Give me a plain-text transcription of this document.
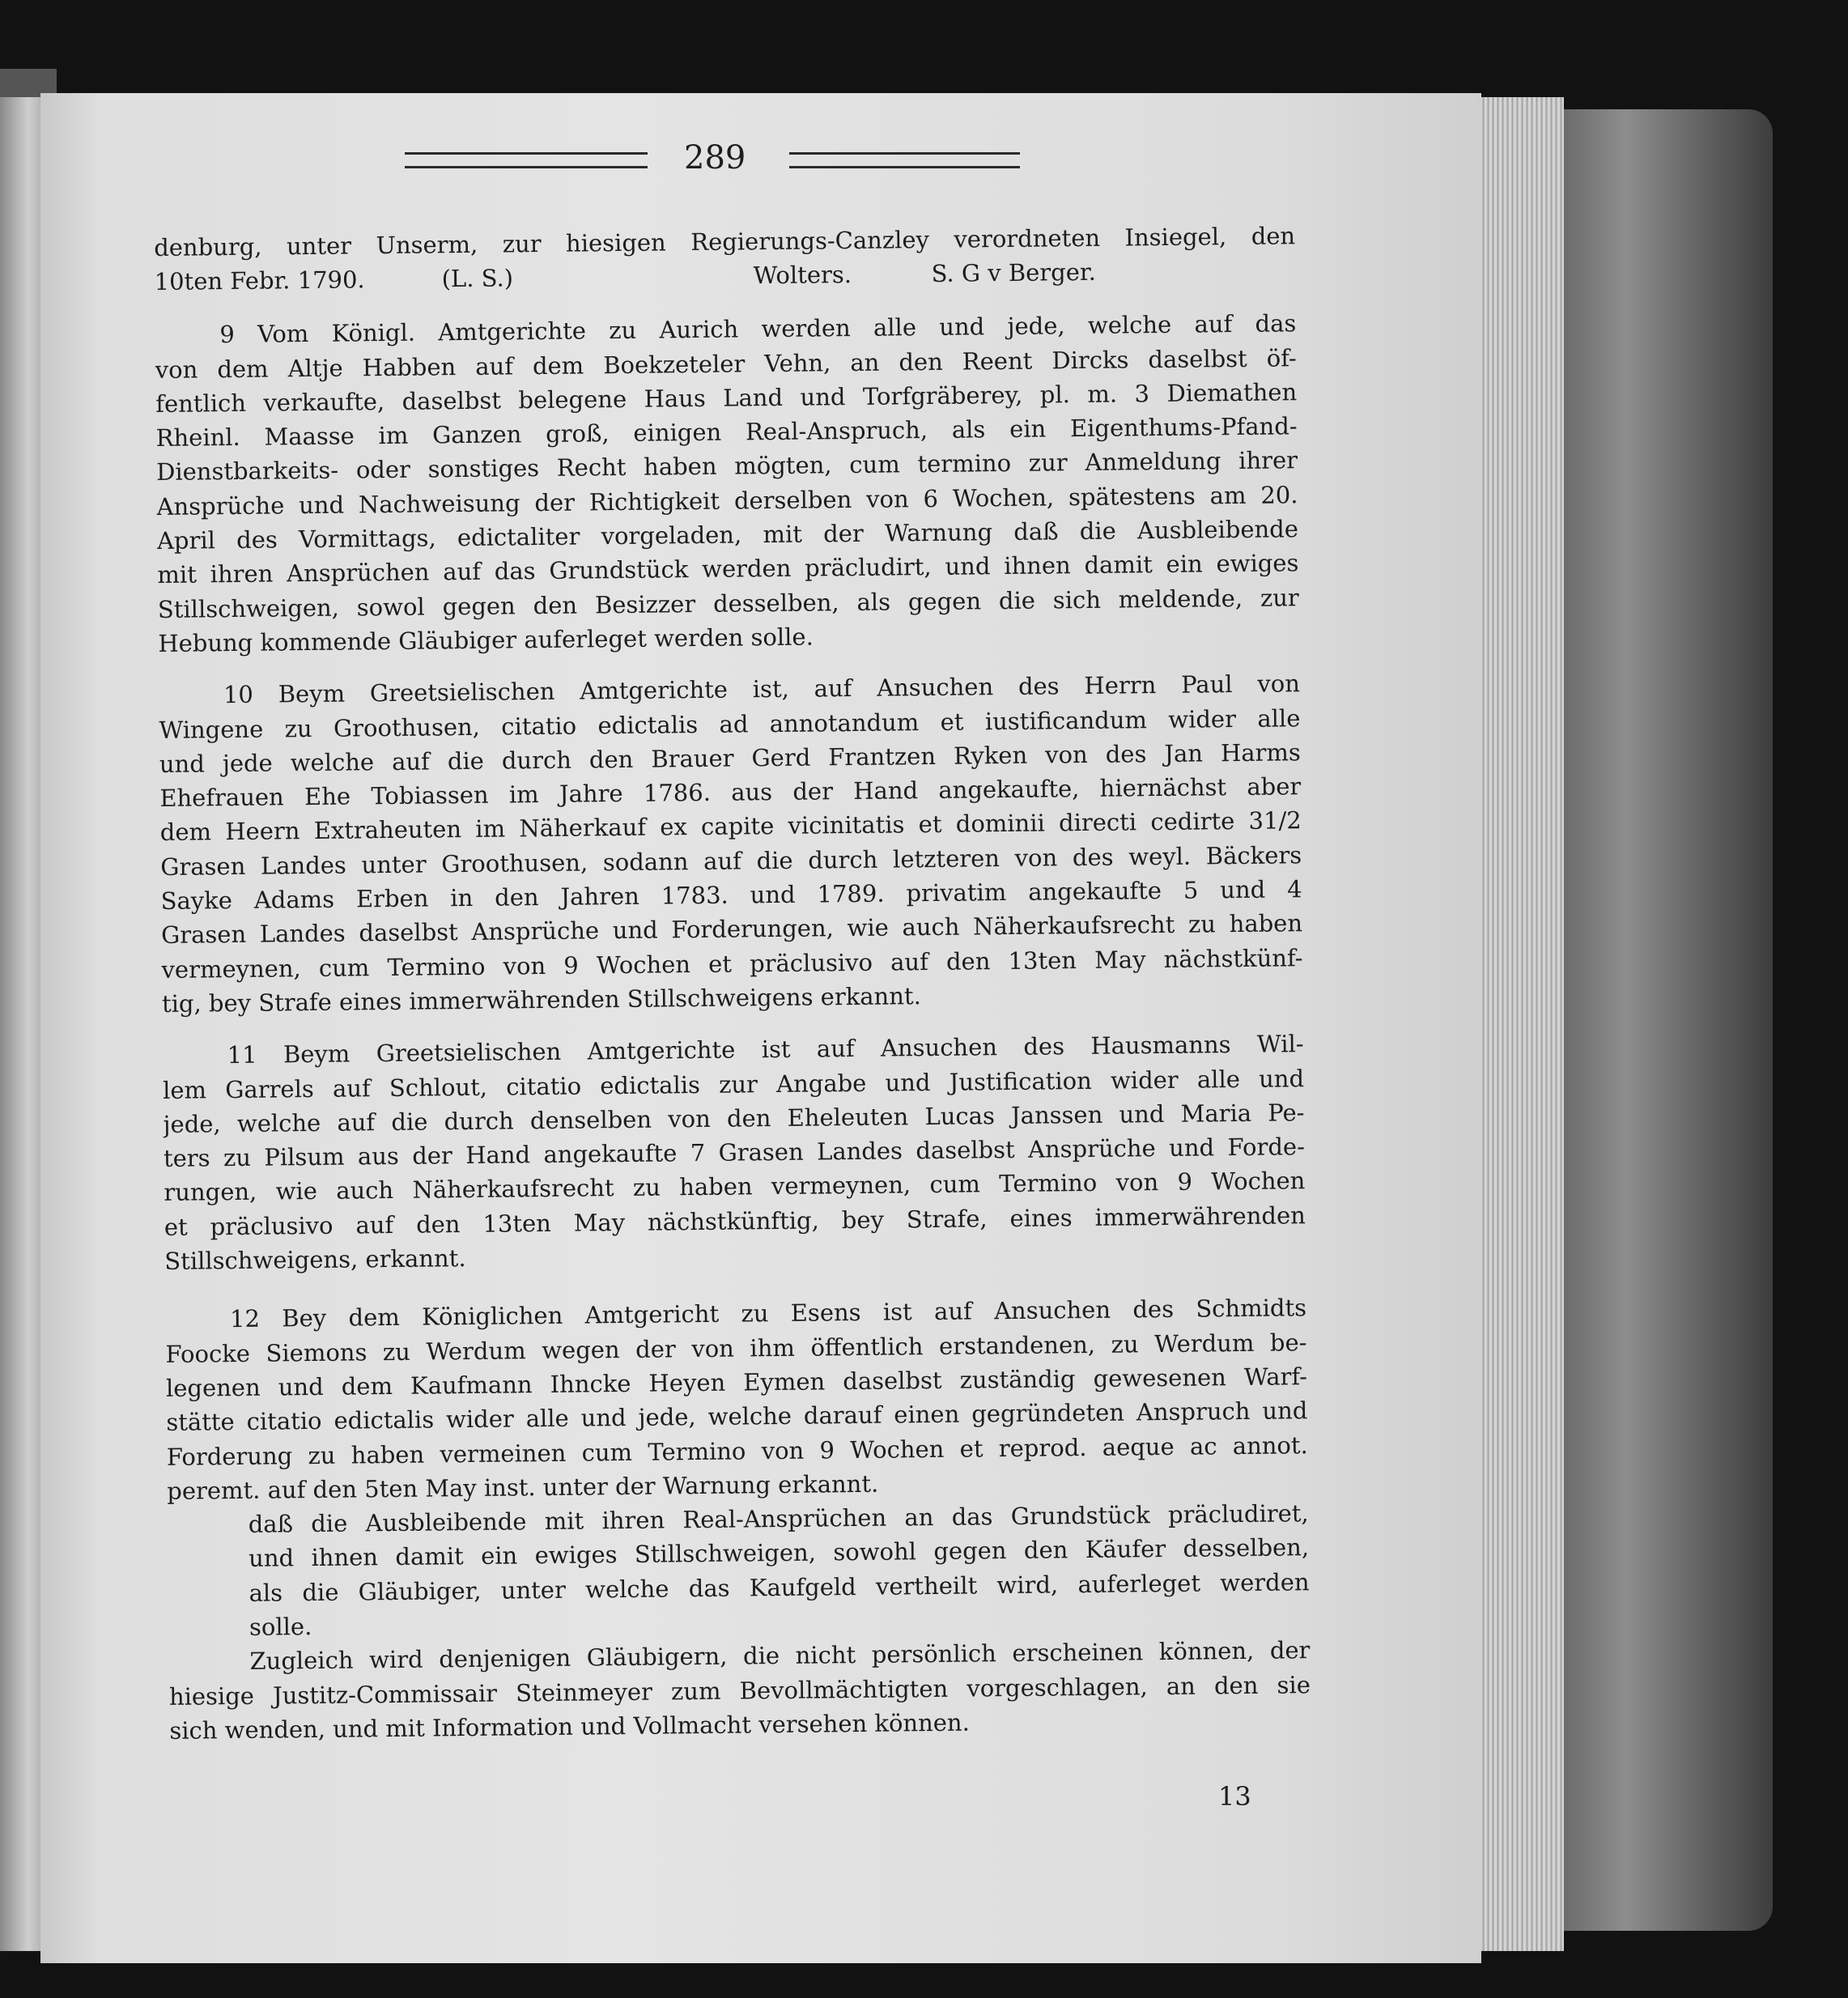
289
denburg, unter Unserm, zur hiesigen Regierungs-Canzley verordneten Insiegel, den
10ten Febr. 1790.	(L. S.)	Wolters.	S. G v Berger.
9 Vom Königl. Amtgerichte zu Aurich werden alle und jede, welche auf das
von dem Altje Habben auf dem Boekzeteler Vehn, an den Reent Dircks daselbst öf-
fentlich verkaufte, daselbst belegene Haus Land und Torfgräberey, pl. m. 3 Diemathen
Rheinl. Maasse im Ganzen groß, einigen Real-Anspruch, als ein Eigenthums-Pfand-
Dienstbarkeits- oder sonstiges Recht haben mögten, cum termino zur Anmeldung ihrer
Ansprüche und Nachweisung der Richtigkeit derselben von 6 Wochen, spätestens am 20.
April des Vormittags, edictaliter vorgeladen, mit der Warnung daß die Ausbleibende
mit ihren Ansprüchen auf das Grundstück werden präcludirt, und ihnen damit ein ewiges
Stillschweigen, sowol gegen den Besizzer desselben, als gegen die sich meldende, zur
Hebung kommende Gläubiger auferleget werden solle.
10 Beym Greetsielischen Amtgerichte ist, auf Ansuchen des Herrn Paul von
Wingene zu Groothusen, citatio edictalis ad annotandum et iustificandum wider alle
und jede welche auf die durch den Brauer Gerd Frantzen Ryken von des Jan Harms
Ehefrauen Ehe Tobiassen im Jahre 1786. aus der Hand angekaufte, hiernächst aber
dem Heern Extraheuten im Näherkauf ex capite vicinitatis et dominii directi cedirte 31/2
Grasen Landes unter Groothusen, sodann auf die durch letzteren von des weyl. Bäckers
Sayke Adams Erben in den Jahren 1783. und 1789. privatim angekaufte 5 und 4
Grasen Landes daselbst Ansprüche und Forderungen, wie auch Näherkaufsrecht zu haben
vermeynen, cum Termino von 9 Wochen et präclusivo auf den 13ten May nächstkünf-
tig, bey Strafe eines immerwährenden Stillschweigens erkannt.
11 Beym Greetsielischen Amtgerichte ist auf Ansuchen des Hausmanns Wil-
lem Garrels auf Schlout, citatio edictalis zur Angabe und Justification wider alle und
jede, welche auf die durch denselben von den Eheleuten Lucas Janssen und Maria Pe-
ters zu Pilsum aus der Hand angekaufte 7 Grasen Landes daselbst Ansprüche und Forde-
rungen, wie auch Näherkaufsrecht zu haben vermeynen, cum Termino von 9 Wochen
et präclusivo auf den 13ten May nächstkünftig, bey Strafe, eines immerwährenden
Stillschweigens, erkannt.
12 Bey dem Königlichen Amtgericht zu Esens ist auf Ansuchen des Schmidts
Foocke Siemons zu Werdum wegen der von ihm öffentlich erstandenen, zu Werdum be-
legenen und dem Kaufmann Ihncke Heyen Eymen daselbst zuständig gewesenen Warf-
stätte citatio edictalis wider alle und jede, welche darauf einen gegründeten Anspruch und
Forderung zu haben vermeinen cum Termino von 9 Wochen et reprod. aeque ac annot.
peremt. auf den 5ten May inst. unter der Warnung erkannt.
daß die Ausbleibende mit ihren Real-Ansprüchen an das Grundstück präcludiret,
und ihnen damit ein ewiges Stillschweigen, sowohl gegen den Käufer desselben,
als die Gläubiger, unter welche das Kaufgeld vertheilt wird, auferleget werden
solle.
Zugleich wird denjenigen Gläubigern, die nicht persönlich erscheinen können, der
hiesige Justitz-Commissair Steinmeyer zum Bevollmächtigten vorgeschlagen, an den sie
sich wenden, und mit Information und Vollmacht versehen können.
13
